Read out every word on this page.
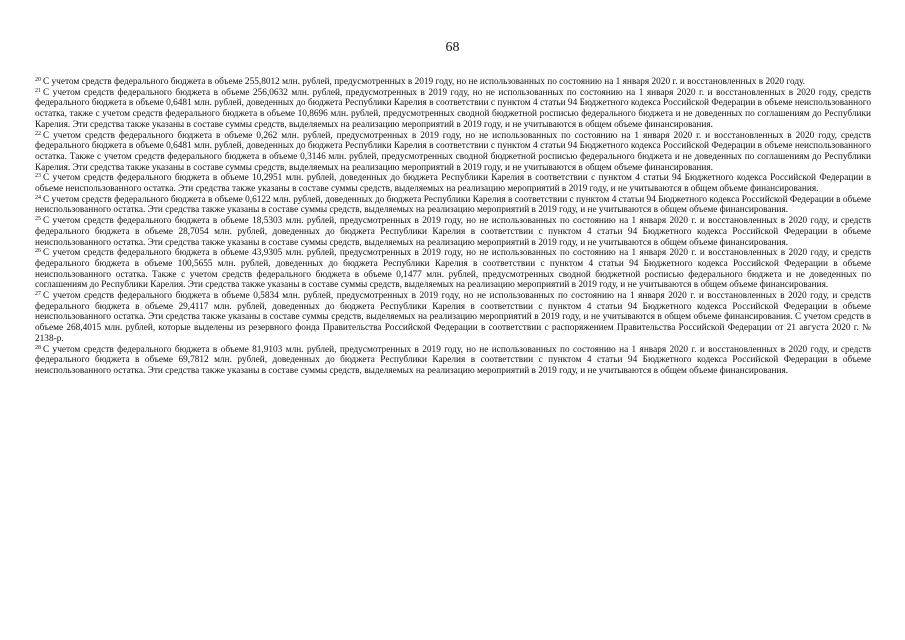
68

$^{20}$ С учетом средств федерального бюджета в объеме 255,8012 млн. рублей, предусмотренных в 2019 году, но не использованных по состоянию на 1 января 2020 г. и восстановленных в 2020 году.

$^{21}$ С учетом средств федерального бюджета в объеме 256,0632 млн. рублей, предусмотренных в 2019 году, но не использованных по состоянию на 1 января 2020 г. и восстановленных в 2020 году, средств федерального бюджета в объеме 0,6481 млн. рублей, доведенных до бюджета Республики Карелия в соответствии с пунктом 4 статьи 94 Бюджетного кодекса Российской Федерации в объеме неиспользованного остатка, также с учетом средств федерального бюджета в объеме 10,8696 млн. рублей, предусмотренных сводной бюджетной росписью федерального бюджета и не доведенных по соглашениям до Республики Карелия. Эти средства также указаны в составе суммы средств, выделяемых на реализацию мероприятий в 2019 году, и не учитываются в общем объеме финансирования.

$^{22}$ С учетом средств федерального бюджета в объеме 0,262 млн. рублей, предусмотренных в 2019 году, но не использованных по состоянию на 1 января 2020 г. и восстановленных в 2020 году, средств федерального бюджета в объеме 0,6481 млн. рублей, доведенных до бюджета Республики Карелия в соответствии с пунктом 4 статьи 94 Бюджетного кодекса Российской Федерации в объеме неиспользованного остатка. Также с учетом средств федерального бюджета в объеме 0,3146 млн. рублей, предусмотренных сводной бюджетной росписью федерального бюджета и не доведенных по соглашениям до Республики Карелия. Эти средства также указаны в составе суммы средств, выделяемых на реализацию мероприятий в 2019 году, и не учитываются в общем объеме финансирования.

$^{23}$ С учетом средств федерального бюджета в объеме 10,2951 млн. рублей, доведенных до бюджета Республики Карелия в соответствии с пунктом 4 статьи 94 Бюджетного кодекса Российской Федерации в объеме неиспользованного остатка. Эти средства также указаны в составе суммы средств, выделяемых на реализацию мероприятий в 2019 году, и не учитываются в общем объеме финансирования.

$^{24}$ С учетом средств федерального бюджета в объеме 0,6122 млн. рублей, доведенных до бюджета Республики Карелия в соответствии с пунктом 4 статьи 94 Бюджетного кодекса Российской Федерации в объеме неиспользованного остатка. Эти средства также указаны в составе суммы средств, выделяемых на реализацию мероприятий в 2019 году, и не учитываются в общем объеме финансирования.

$^{25}$ С учетом средств федерального бюджета в объеме 18,5303 млн. рублей, предусмотренных в 2019 году, но не использованных по состоянию на 1 января 2020 г. и восстановленных в 2020 году, и средств федерального бюджета в объеме 28,7054 млн. рублей, доведенных до бюджета Республики Карелия в соответствии с пунктом 4 статьи 94 Бюджетного кодекса Российской Федерации в объеме неиспользованного остатка. Эти средства также указаны в составе суммы средств, выделяемых на реализацию мероприятий в 2019 году, и не учитываются в общем объеме финансирования.

$^{26}$ С учетом средств федерального бюджета в объеме 43,9305 млн. рублей, предусмотренных в 2019 году, но не использованных по состоянию на 1 января 2020 г. и восстановленных в 2020 году, и средств федерального бюджета в объеме 100,5655 млн. рублей, доведенных до бюджета Республики Карелия в соответствии с пунктом 4 статьи 94 Бюджетного кодекса Российской Федерации в объеме неиспользованного остатка. Также с учетом средств федерального бюджета в объеме 0,1477 млн. рублей, предусмотренных сводной бюджетной росписью федерального бюджета и не доведенных по соглашениям до Республики Карелия. Эти средства также указаны в составе суммы средств, выделяемых на реализацию мероприятий в 2019 году, и не учитываются в общем объеме финансирования.

$^{27}$ С учетом средств федерального бюджета в объеме 0,5834 млн. рублей, предусмотренных в 2019 году, но не использованных по состоянию на 1 января 2020 г. и восстановленных в 2020 году, и средств федерального бюджета в объеме 29,4117 млн. рублей, доведенных до бюджета Республики Карелия в соответствии с пунктом 4 статьи 94 Бюджетного кодекса Российской Федерации в объеме неиспользованного остатка. Эти средства также указаны в составе суммы средств, выделяемых на реализацию мероприятий в 2019 году, и не учитываются в общем объеме финансирования. С учетом средств в объеме 268,4015 млн. рублей, которые выделены из резервного фонда Правительства Российской Федерации в соответствии с распоряжением Правительства Российской Федерации от 21 августа 2020 г. № 2138-р.

$^{28}$ С учетом средств федерального бюджета в объеме 81,9103 млн. рублей, предусмотренных в 2019 году, но не использованных по состоянию на 1 января 2020 г. и восстановленных в 2020 году, и средств федерального бюджета в объеме 69,7812 млн. рублей, доведенных до бюджета Республики Карелия в соответствии с пунктом 4 статьи 94 Бюджетного кодекса Российской Федерации в объеме неиспользованного остатка. Эти средства также указаны в составе суммы средств, выделяемых на реализацию мероприятий в 2019 году, и не учитываются в общем объеме финансирования.
